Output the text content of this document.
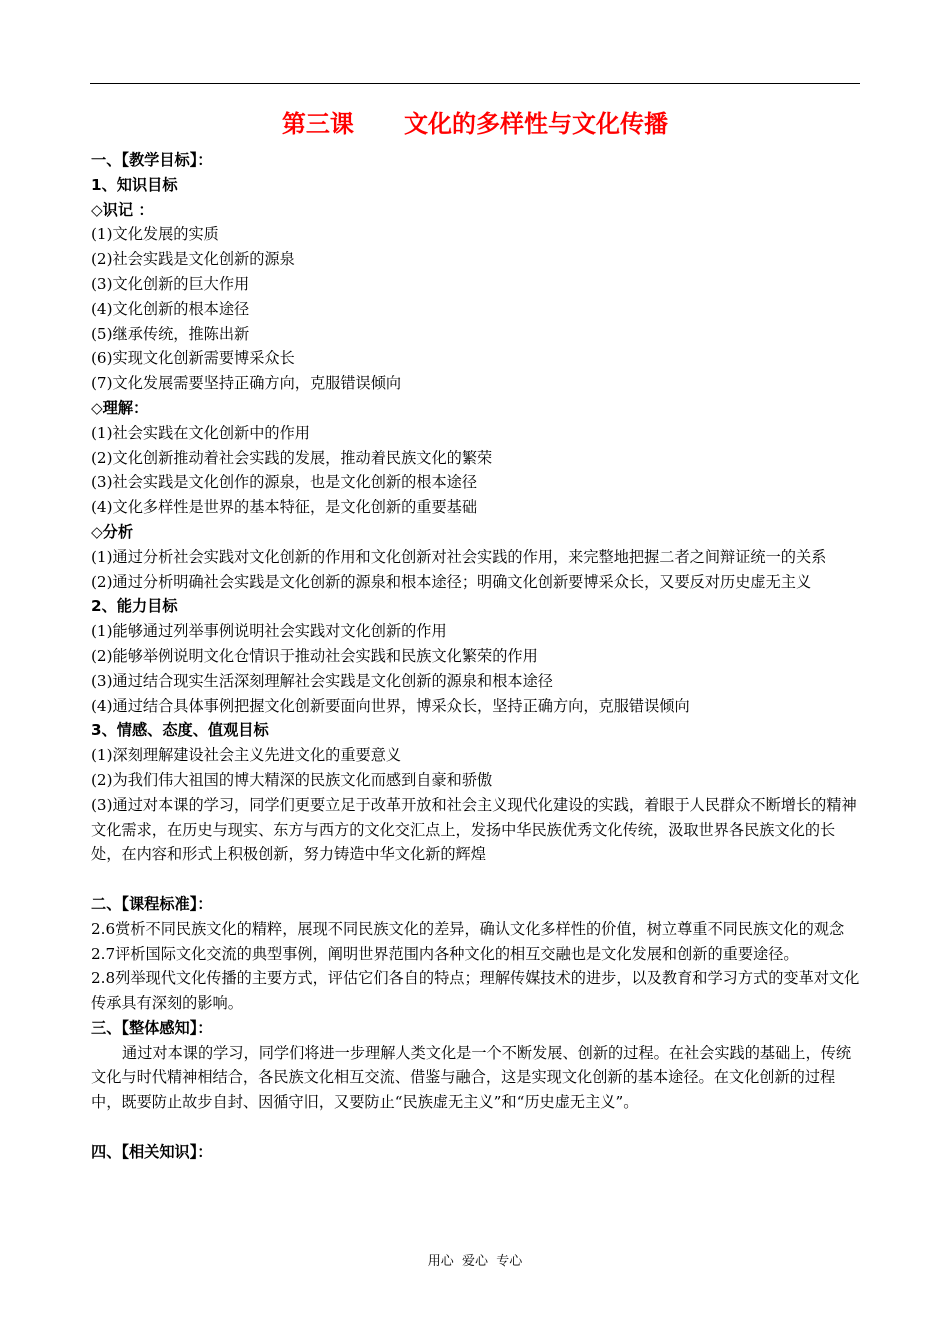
第三课      文化的多样性与文化传播

一、【教学目标】：

1、知识目标

◇识记 ：

(1)文化发展的实质

(2)社会实践是文化创新的源泉

(3)文化创新的巨大作用

(4)文化创新的根本途径

(5)继承传统，推陈出新

(6)实现文化创新需要博采众长

(7)文化发展需要坚持正确方向，克服错误倾向

◇理解：

(1)社会实践在文化创新中的作用

(2)文化创新推动着社会实践的发展，推动着民族文化的繁荣

(3)社会实践是文化创作的源泉，也是文化创新的根本途径

(4)文化多样性是世界的基本特征，是文化创新的重要基础

◇分析

(1)通过分析社会实践对文化创新的作用和文化创新对社会实践的作用，来完整地把握二者之间辩证统一的关系

(2)通过分析明确社会实践是文化创新的源泉和根本途径；明确文化创新要博采众长，又要反对历史虚无主义

2、能力目标

(1)能够通过列举事例说明社会实践对文化创新的作用

(2)能够举例说明文化仓情识于推动社会实践和民族文化繁荣的作用

(3)通过结合现实生活深刻理解社会实践是文化创新的源泉和根本途径

(4)通过结合具体事例把握文化创新要面向世界，博采众长，坚持正确方向，克服错误倾向

3、情感、态度、值观目标

(1)深刻理解建设社会主义先进文化的重要意义

(2)为我们伟大祖国的博大精深的民族文化而感到自豪和骄傲

(3)通过对本课的学习，同学们更要立足于改革开放和社会主义现代化建设的实践，着眼于人民群众不断增长的精神文化需求，在历史与现实、东方与西方的文化交汇点上，发扬中华民族优秀文化传统，汲取世界各民族文化的长处，在内容和形式上积极创新，努力铸造中华文化新的辉煌

二、【课程标准】：

2.6赏析不同民族文化的精粹，展现不同民族文化的差异，确认文化多样性的价值，树立尊重不同民族文化的观念

2.7评析国际文化交流的典型事例，阐明世界范围内各种文化的相互交融也是文化发展和创新的重要途径。

2.8列举现代文化传播的主要方式，评估它们各自的特点；理解传媒技术的进步，以及教育和学习方式的变革对文化传承具有深刻的影响。

三、【整体感知】：

通过对本课的学习，同学们将进一步理解人类文化是一个不断发展、创新的过程。在社会实践的基础上，传统文化与时代精神相结合，各民族文化相互交流、借鉴与融合，这是实现文化创新的基本途径。在文化创新的过程中，既要防止故步自封、因循守旧，又要防止“民族虚无主义”和“历史虚无主义”。

四、【相关知识】：

用心  爱心  专心
